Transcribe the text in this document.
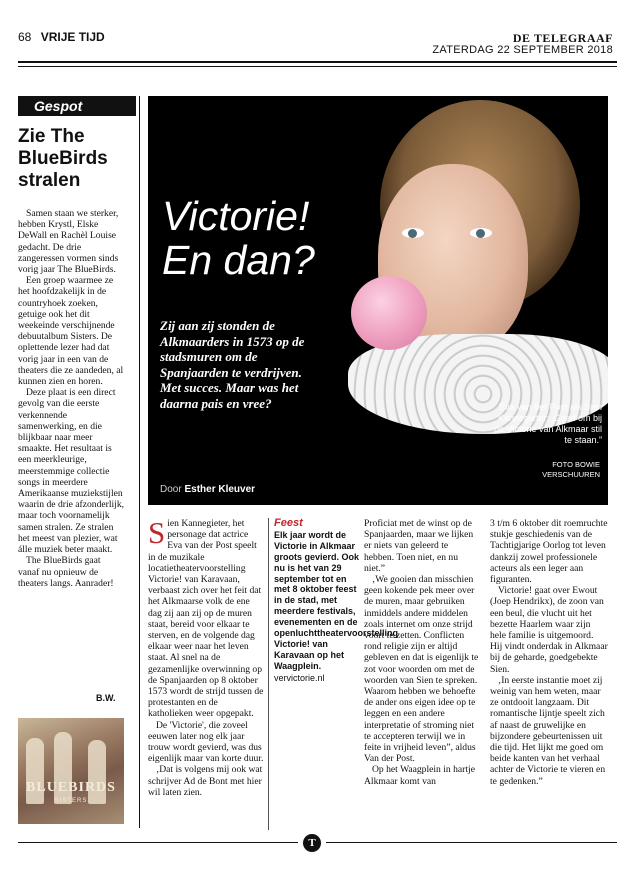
68 VRIJE TIJD	DE TELEGRAAF
ZATERDAG 22 SEPTEMBER 2018
Gespot
Zie The BlueBirds stralen

Samen staan we sterker, hebben Krystl, Elske DeWall en Rachèl Louise gedacht. De drie zangeressen vormen sinds vorig jaar The BlueBirds.

Een groep waarmee ze het hoofdzakelijk in de countryhoek zoeken, getuige ook het dit weekeinde verschijnende debuutalbum Sisters. De oplettende lezer had dat vorig jaar in een van de theaters die ze aandeden, al kunnen zien en horen.

Deze plaat is een direct gevolg van die eerste verkennende samenwerking, en die blijkbaar naar meer smaakte. Het resultaat is een meerkleurige, meerstemmige collectie songs in meerdere Amerikaanse muziekstijlen waarin de drie afzonderlijk, maar toch voornamelijk samen stralen. Ze stralen het meest van plezier, wat álle muziek beter maakt.

The BlueBirds gaat vanaf nu opnieuw de theaters langs. Aanrader!

B.W.
BLUEBIRDS
SISTERS
Victorie!
En dan?
Zij aan zij stonden de Alkmaarders in 1573 op de stadsmuren om de Spanjaarden te verdrijven. Met succes. Maar was het daarna pais en vree?
Door Esther Kleuver
Eva van der Post als Sien Kannegieter: ‚Goed om bij de Victorie van Alkmaar stil te staan.”
FOTO BOWIE
VERSCHUUREN

Sien Kannegieter, het personage dat actrice Eva van der Post speelt in de muzikale locatietheatervoorstelling Victorie! van Karavaan, verbaast zich over het feit dat het Alkmaarse volk de ene dag zij aan zij op de muren staat, bereid voor elkaar te sterven, en de volgende dag elkaar weer naar het leven staat. Al snel na de gezamenlijke overwinning op de Spanjaarden op 8 oktober 1573 wordt de strijd tussen de protestanten en de katholieken weer opgepakt.

De 'Victorie', die zoveel eeuwen later nog elk jaar trouw wordt gevierd, was dus eigenlijk maar van korte duur.

‚Dat is volgens mij ook wat schrijver Ad de Bont met hier wil laten zien.

Feest
Elk jaar wordt de Victorie in Alkmaar groots gevierd. Ook nu is het van 29 september tot en met 8 oktober feest in de stad, met meerdere festivals, evenementen en de openluchttheatervoorstelling Victorie! van Karavaan op het Waagplein.
vervictorie.nl

Proficiat met de winst op de Spanjaarden, maar we lijken er niets van geleerd te hebben. Toen niet, en nu niet.”

‚We gooien dan misschien geen kokende pek meer over de muren, maar gebruiken inmiddels andere middelen zoals internet om onze strijd voort te zetten. Conflicten rond religie zijn er altijd gebleven en dat is eigenlijk te zot voor woorden om met de woorden van Sien te spreken. Waarom hebben we behoefte de ander ons eigen idee op te leggen en een andere interpretatie of stroming niet te accepteren terwijl we in feite in vrijheid leven”, aldus Van der Post.

Op het Waagplein in hartje Alkmaar komt van

3 t/m 6 oktober dit roemruchte stukje geschiedenis van de Tachtigjarige Oorlog tot leven dankzij zowel professionele acteurs als een leger aan figuranten.

Victorie! gaat over Ewout (Joep Hendrikx), de zoon van een beul, die vlucht uit het bezette Haarlem waar zijn hele familie is uitgemoord. Hij vindt onderdak in Alkmaar bij de geharde, goedgebekte Sien.

‚In eerste instantie moet zij weinig van hem weten, maar ze ontdooit langzaam. Dit romantische lijntje speelt zich af naast de gruwelijke en bijzondere gebeurtenissen uit die tijd. Het lijkt me goed om beide kanten van het verhaal achter de Victorie te vieren en te gedenken.”

T
